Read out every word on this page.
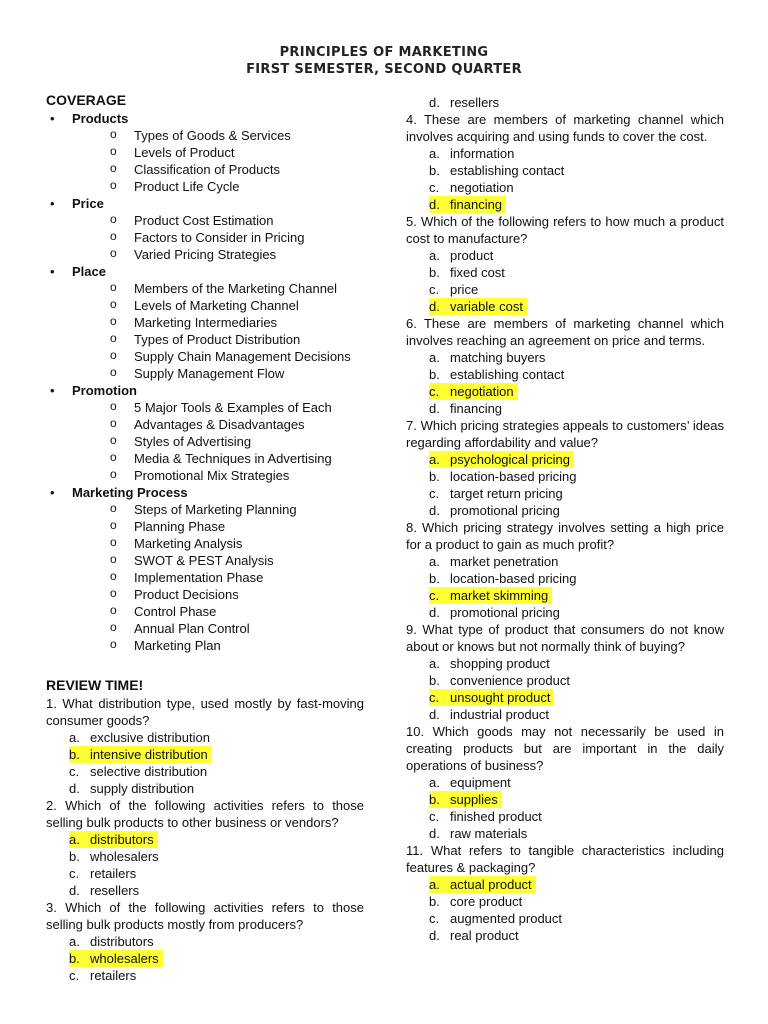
PRINCIPLES OF MARKETING
FIRST SEMESTER, SECOND QUARTER
COVERAGE
• Products
o Types of Goods & Services
o Levels of Product
o Classification of Products
o Product Life Cycle
• Price
o Product Cost Estimation
o Factors to Consider in Pricing
o Varied Pricing Strategies
• Place
o Members of the Marketing Channel
o Levels of Marketing Channel
o Marketing Intermediaries
o Types of Product Distribution
o Supply Chain Management Decisions
o Supply Management Flow
• Promotion
o 5 Major Tools & Examples of Each
o Advantages & Disadvantages
o Styles of Advertising
o Media & Techniques in Advertising
o Promotional Mix Strategies
• Marketing Process
o Steps of Marketing Planning
o Planning Phase
o Marketing Analysis
o SWOT & PEST Analysis
o Implementation Phase
o Product Decisions
o Control Phase
o Annual Plan Control
o Marketing Plan
REVIEW TIME!
1. What distribution type, used mostly by fast-moving consumer goods?
a. exclusive distribution
b. intensive distribution
c. selective distribution
d. supply distribution
2. Which of the following activities refers to those selling bulk products to other business or vendors?
a. distributors
b. wholesalers
c. retailers
d. resellers
3. Which of the following activities refers to those selling bulk products mostly from producers?
a. distributors
b. wholesalers
c. retailers
d. resellers
4. These are members of marketing channel which involves acquiring and using funds to cover the cost.
a. information
b. establishing contact
c. negotiation
d. financing
5. Which of the following refers to how much a product cost to manufacture?
a. product
b. fixed cost
c. price
d. variable cost
6. These are members of marketing channel which involves reaching an agreement on price and terms.
a. matching buyers
b. establishing contact
c. negotiation
d. financing
7. Which pricing strategies appeals to customers’ ideas regarding affordability and value?
a. psychological pricing
b. location-based pricing
c. target return pricing
d. promotional pricing
8. Which pricing strategy involves setting a high price for a product to gain as much profit?
a. market penetration
b. location-based pricing
c. market skimming
d. promotional pricing
9. What type of product that consumers do not know about or knows but not normally think of buying?
a. shopping product
b. convenience product
c. unsought product
d. industrial product
10. Which goods may not necessarily be used in creating products but are important in the daily operations of business?
a. equipment
b. supplies
c. finished product
d. raw materials
11. What refers to tangible characteristics including features & packaging?
a. actual product
b. core product
c. augmented product
d. real product
